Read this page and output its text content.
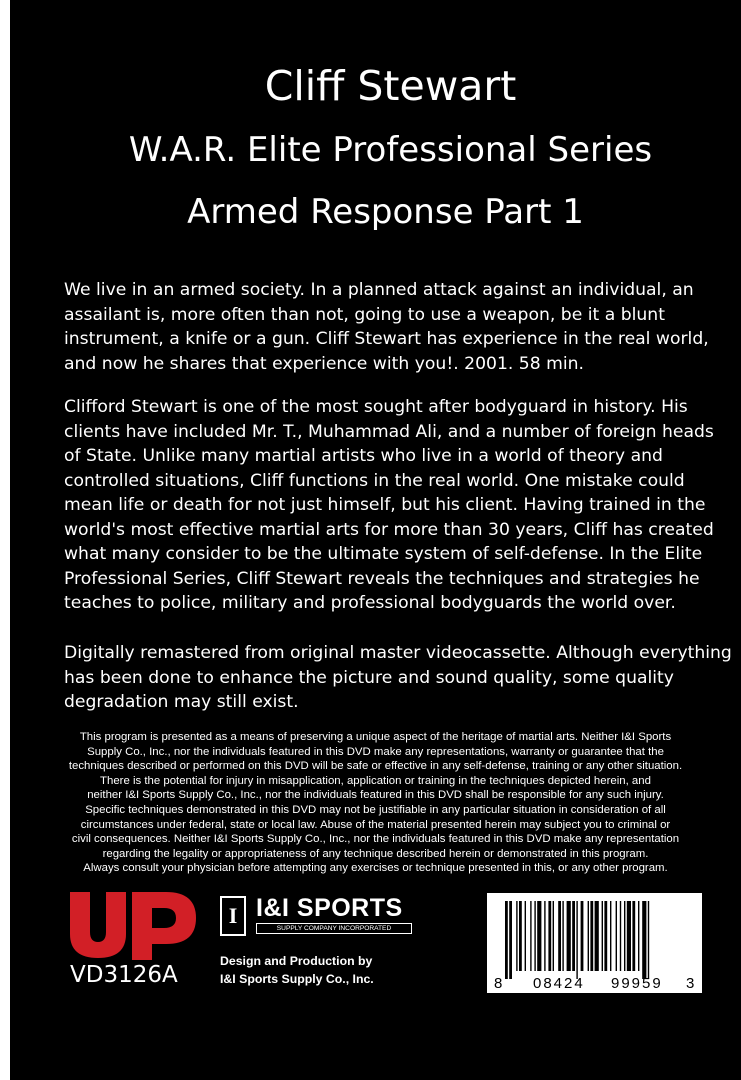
Cliff Stewart
W.A.R. Elite Professional Series
Armed Response Part 1

We live in an armed society. In a planned attack against an individual, an assailant is, more often than not, going to use a weapon, be it a blunt instrument, a knife or a gun. Cliff Stewart has experience in the real world, and now he shares that experience with you!. 2001. 58 min.

Clifford Stewart is one of the most sought after bodyguard in history. His clients have included Mr. T., Muhammad Ali, and a number of foreign heads of State. Unlike many martial artists who live in a world of theory and controlled situations, Cliff functions in the real world. One mistake could mean life or death for not just himself, but his client. Having trained in the world's most effective martial arts for more than 30 years, Cliff has created what many consider to be the ultimate system of self-defense. In the Elite Professional Series, Cliff Stewart reveals the techniques and strategies he teaches to police, military and professional bodyguards the world over.

Digitally remastered from original master videocassette. Although everything has been done to enhance the picture and sound quality, some quality degradation may still exist.

This program is presented as a means of preserving a unique aspect of the heritage of martial arts. Neither I&I Sports
Supply Co., Inc., nor the individuals featured in this DVD make any representations, warranty or guarantee that the
techniques described or performed on this DVD will be safe or effective in any self-defense, training or any other situation.
There is the potential for injury in misapplication, application or training in the techniques depicted herein, and
neither I&I Sports Supply Co., Inc., nor the individuals featured in this DVD shall be responsible for any such injury.
Specific techniques demonstrated in this DVD may not be justifiable in any particular situation in consideration of all
circumstances under federal, state or local law. Abuse of the material presented herein may subject you to criminal or
civil consequences. Neither I&I Sports Supply Co., Inc., nor the individuals featured in this DVD make any representation
regarding the legality or appropriateness of any technique described herein or demonstrated in this program.
Always consult your physician before attempting any exercises or technique presented in this, or any other program.
VD3126A
I I&I SPORTS
SUPPLY COMPANY INCORPORATED

Design and Production by
I&I Sports Supply Co., Inc.	8 08424 99959 3
